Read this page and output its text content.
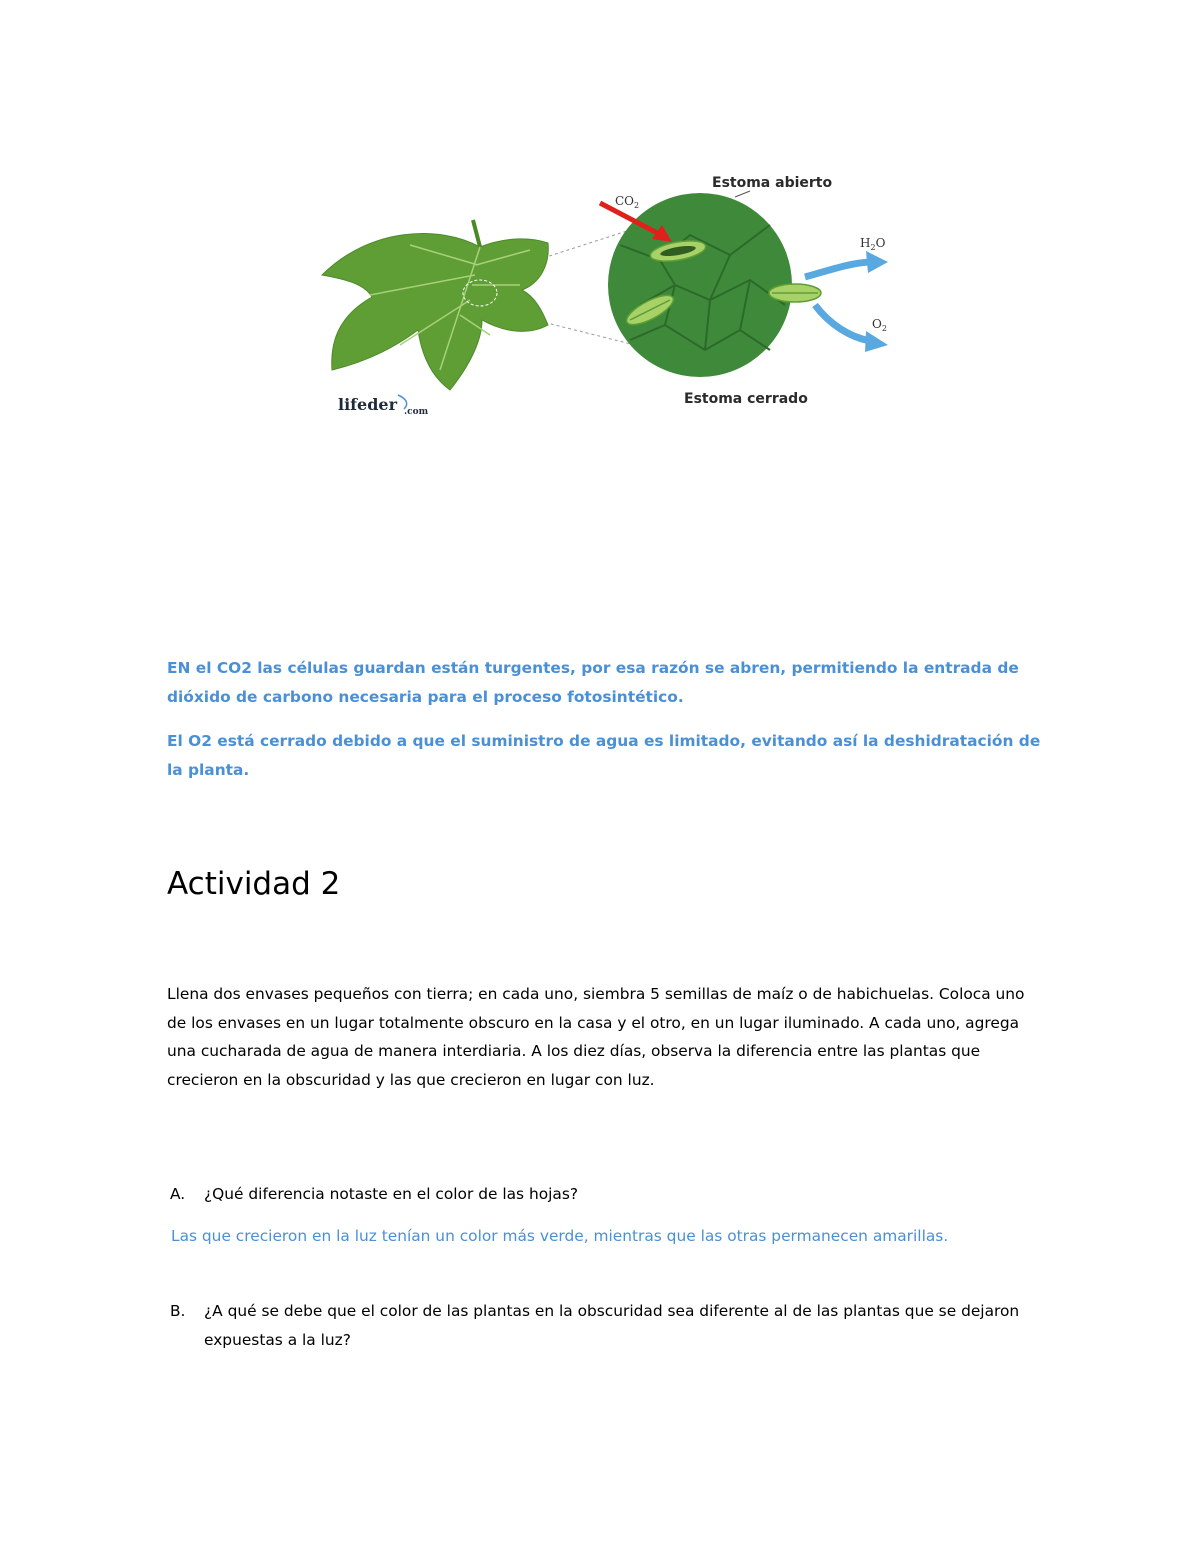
Estoma abierto
Estoma cerrado
$CO_2$
$H_2O$
$O_2$
lifeder .com

EN el CO2 las células guardan están turgentes, por esa razón se abren, permitiendo la entrada de dióxido de carbono necesaria para el proceso fotosintético.

El O2 está cerrado debido a que el suministro de agua es limitado, evitando así la deshidratación de la planta.

Actividad 2

Llena dos envases pequeños con tierra; en cada uno, siembra 5 semillas de maíz o de habichuelas. Coloca uno de los envases en un lugar totalmente obscuro en la casa y el otro, en un lugar iluminado. A cada uno, agrega una cucharada de agua de manera interdiaria. A los diez días, observa la diferencia entre las plantas que crecieron en la obscuridad y las que crecieron en lugar con luz.

A.	¿Qué diferencia notaste en el color de las hojas?

Las que crecieron en la luz tenían un color más verde, mientras que las otras permanecen amarillas.

B.	¿A qué se debe que el color de las plantas en la obscuridad sea diferente al de las plantas que se dejaron expuestas a la luz?
